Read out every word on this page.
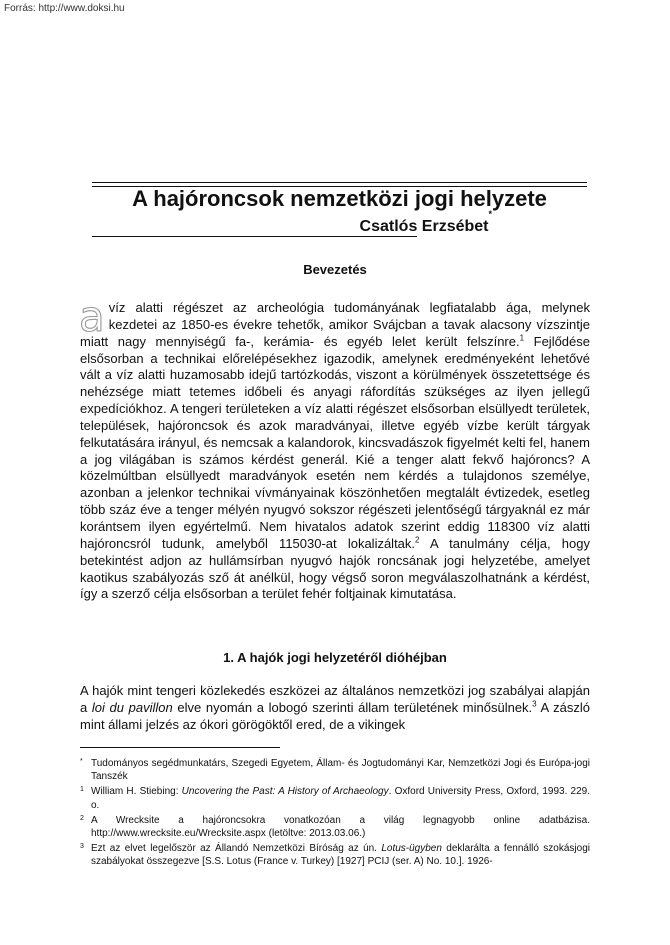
Forrás: http://www.doksi.hu
A hajóroncsok nemzetközi jogi helyzete
Csatlós Erzsébet*
Bevezetés

avíz alatti régészet az archeológia tudományának legfiatalabb ága, melynek kezdetei az 1850-es évekre tehetők, amikor Svájcban a tavak alacsony vízszintje miatt nagy mennyiségű fa-, kerámia- és egyéb lelet került felszínre.$^1$ Fejlődése elsősorban a technikai előrelépésekhez igazodik, amelynek eredményeként lehetővé vált a víz alatti huzamosabb idejű tartózkodás, viszont a körülmények összetettsége és nehézsége miatt tetemes időbeli és anyagi ráfordítás szükséges az ilyen jellegű expedíciókhoz. A tengeri területeken a víz alatti régészet elsősorban elsüllyedt területek, települések, hajóroncsok és azok maradványai, illetve egyéb vízbe került tárgyak felkutatására irányul, és nemcsak a kalandorok, kincsvadászok figyelmét kelti fel, hanem a jog világában is számos kérdést generál. Kié a tenger alatt fekvő hajóroncs? A közelmúltban elsüllyedt maradványok esetén nem kérdés a tulajdonos személye, azonban a jelenkor technikai vívmányainak köszönhetően megtalált évtizedek, esetleg több száz éve a tenger mélyén nyugvó sokszor régészeti jelentőségű tárgyaknál ez már korántsem ilyen egyértelmű. Nem hivatalos adatok szerint eddig 118300 víz alatti hajóroncsról tudunk, amelyből 115030-at lokalizáltak.$^2$ A tanulmány célja, hogy betekintést adjon az hullámsírban nyugvó hajók roncsának jogi helyzetébe, amelyet kaotikus szabályozás sző át anélkül, hogy végső soron megválaszolhatnánk a kérdést, így a szerző célja elsősorban a terület fehér foltjainak kimutatása.

1. A hajók jogi helyzetéről dióhéjban

A hajók mint tengeri közlekedés eszközei az általános nemzetközi jog szabályai alapján a loi du pavillon elve nyomán a lobogó szerinti állam területének minősülnek.$^3$ A zászló mint állami jelzés az ókori görögöktől ered, de a vikingek

* Tudományos segédmunkatárs, Szegedi Egyetem, Állam- és Jogtudományi Kar, Nemzetközi Jogi és Európa-jogi Tanszék

1 William H. Stiebing: Uncovering the Past: A History of Archaeology. Oxford University Press, Oxford, 1993. 229. o.

2 A Wrecksite a hajóroncsokra vonatkozóan a világ legnagyobb online adatbázisa. http://www.wrecksite.eu/Wrecksite.aspx (letöltve: 2013.03.06.)

3 Ezt az elvet legelőször az Állandó Nemzetközi Bíróság az ún. Lotus-ügyben deklarálta a fennálló szokásjogi szabályokat összegezve [S.S. Lotus (France v. Turkey) [1927] PCIJ (ser. A) No. 10.]. 1926-
